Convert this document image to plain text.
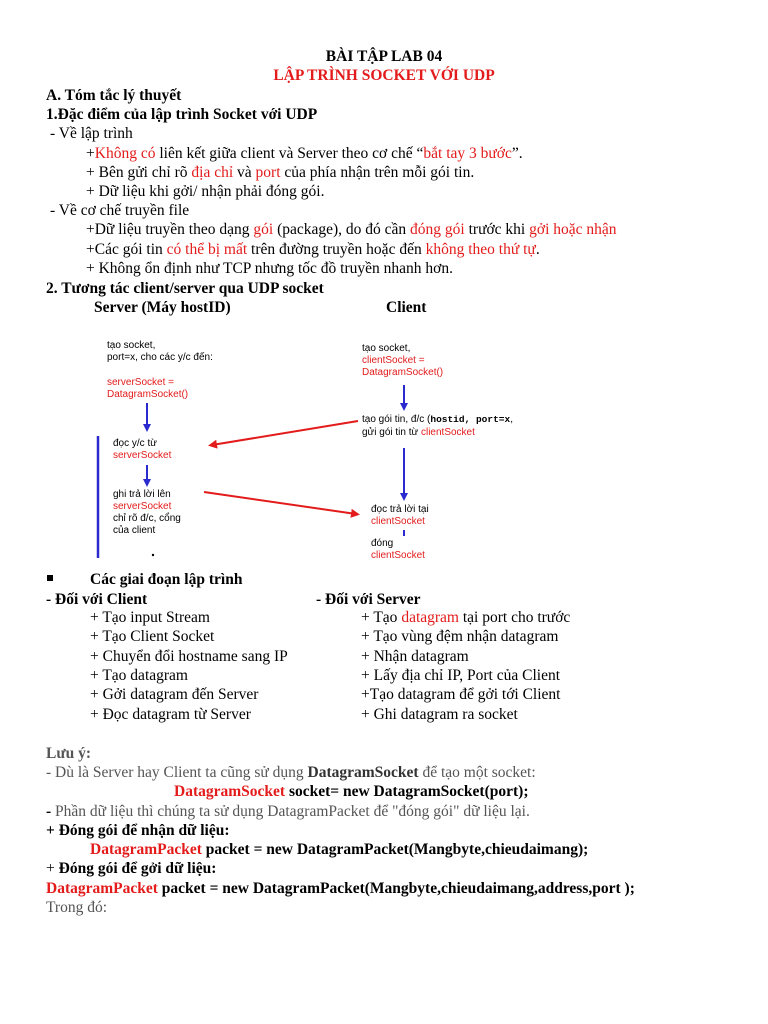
BÀI TẬP LAB 04
LẬP TRÌNH SOCKET VỚI UDP
A. Tóm tắc lý thuyết
1.Đặc điểm của lập trình Socket với UDP
- Về lập trình
+Không có liên kết giữa client và Server theo cơ chế “bắt tay 3 bước”.
+ Bên gửi chỉ rõ địa chỉ và port của phía nhận trên mỗi gói tin.
+ Dữ liệu khi gởi/ nhận phải đóng gói.
- Về cơ chế truyền file
+Dữ liệu truyền theo dạng gói (package), do đó cần đóng gói trước khi gởi hoặc nhận
+Các gói tin có thể bị mất trên đường truyền hoặc đến không theo thứ tự.
+ Không ổn định như TCP nhưng tốc đồ truyền nhanh hơn.
2. Tương tác client/server qua UDP socket
Server (Máy hostID)	Client
tạo socket,
port=x, cho các y/c đến:
serverSocket =
DatagramSocket()
đọc y/c từ
serverSocket
ghi trả lời lên
serverSocket
chỉ rõ đ/c, cổng
của client
tạo socket,
clientSocket =
DatagramSocket()
tạo gói tin, đ/c (hostid, port=x,
gửi gói tin từ clientSocket
đọc trả lời tại
clientSocket
đóng
clientSocket
Các giai đoạn lập trình
- Đối với Client	- Đối với Server
+ Tạo input Stream
+ Tạo Client Socket
+ Chuyển đổi hostname sang IP
+ Tạo datagram
+ Gởi datagram đến Server
+ Đọc datagram từ Server
+ Tạo datagram tại port cho trước
+ Tạo vùng đệm nhận datagram
+ Nhận datagram
+ Lấy địa chỉ IP, Port của Client
+Tạo datagram để gởi tới Client
+ Ghi datagram ra socket
Lưu ý:
- Dù là Server hay Client ta cũng sử dụng DatagramSocket để tạo một socket:
DatagramSocket socket= new DatagramSocket(port);
- Phần dữ liệu thì chúng ta sử dụng DatagramPacket để "đóng gói" dữ liệu lại.
+ Đóng gói để nhận dữ liệu:
DatagramPacket packet = new DatagramPacket(Mangbyte,chieudaimang);
+ Đóng gói để gởi dữ liệu:
DatagramPacket packet = new DatagramPacket(Mangbyte,chieudaimang,address,port );
Trong đó:
